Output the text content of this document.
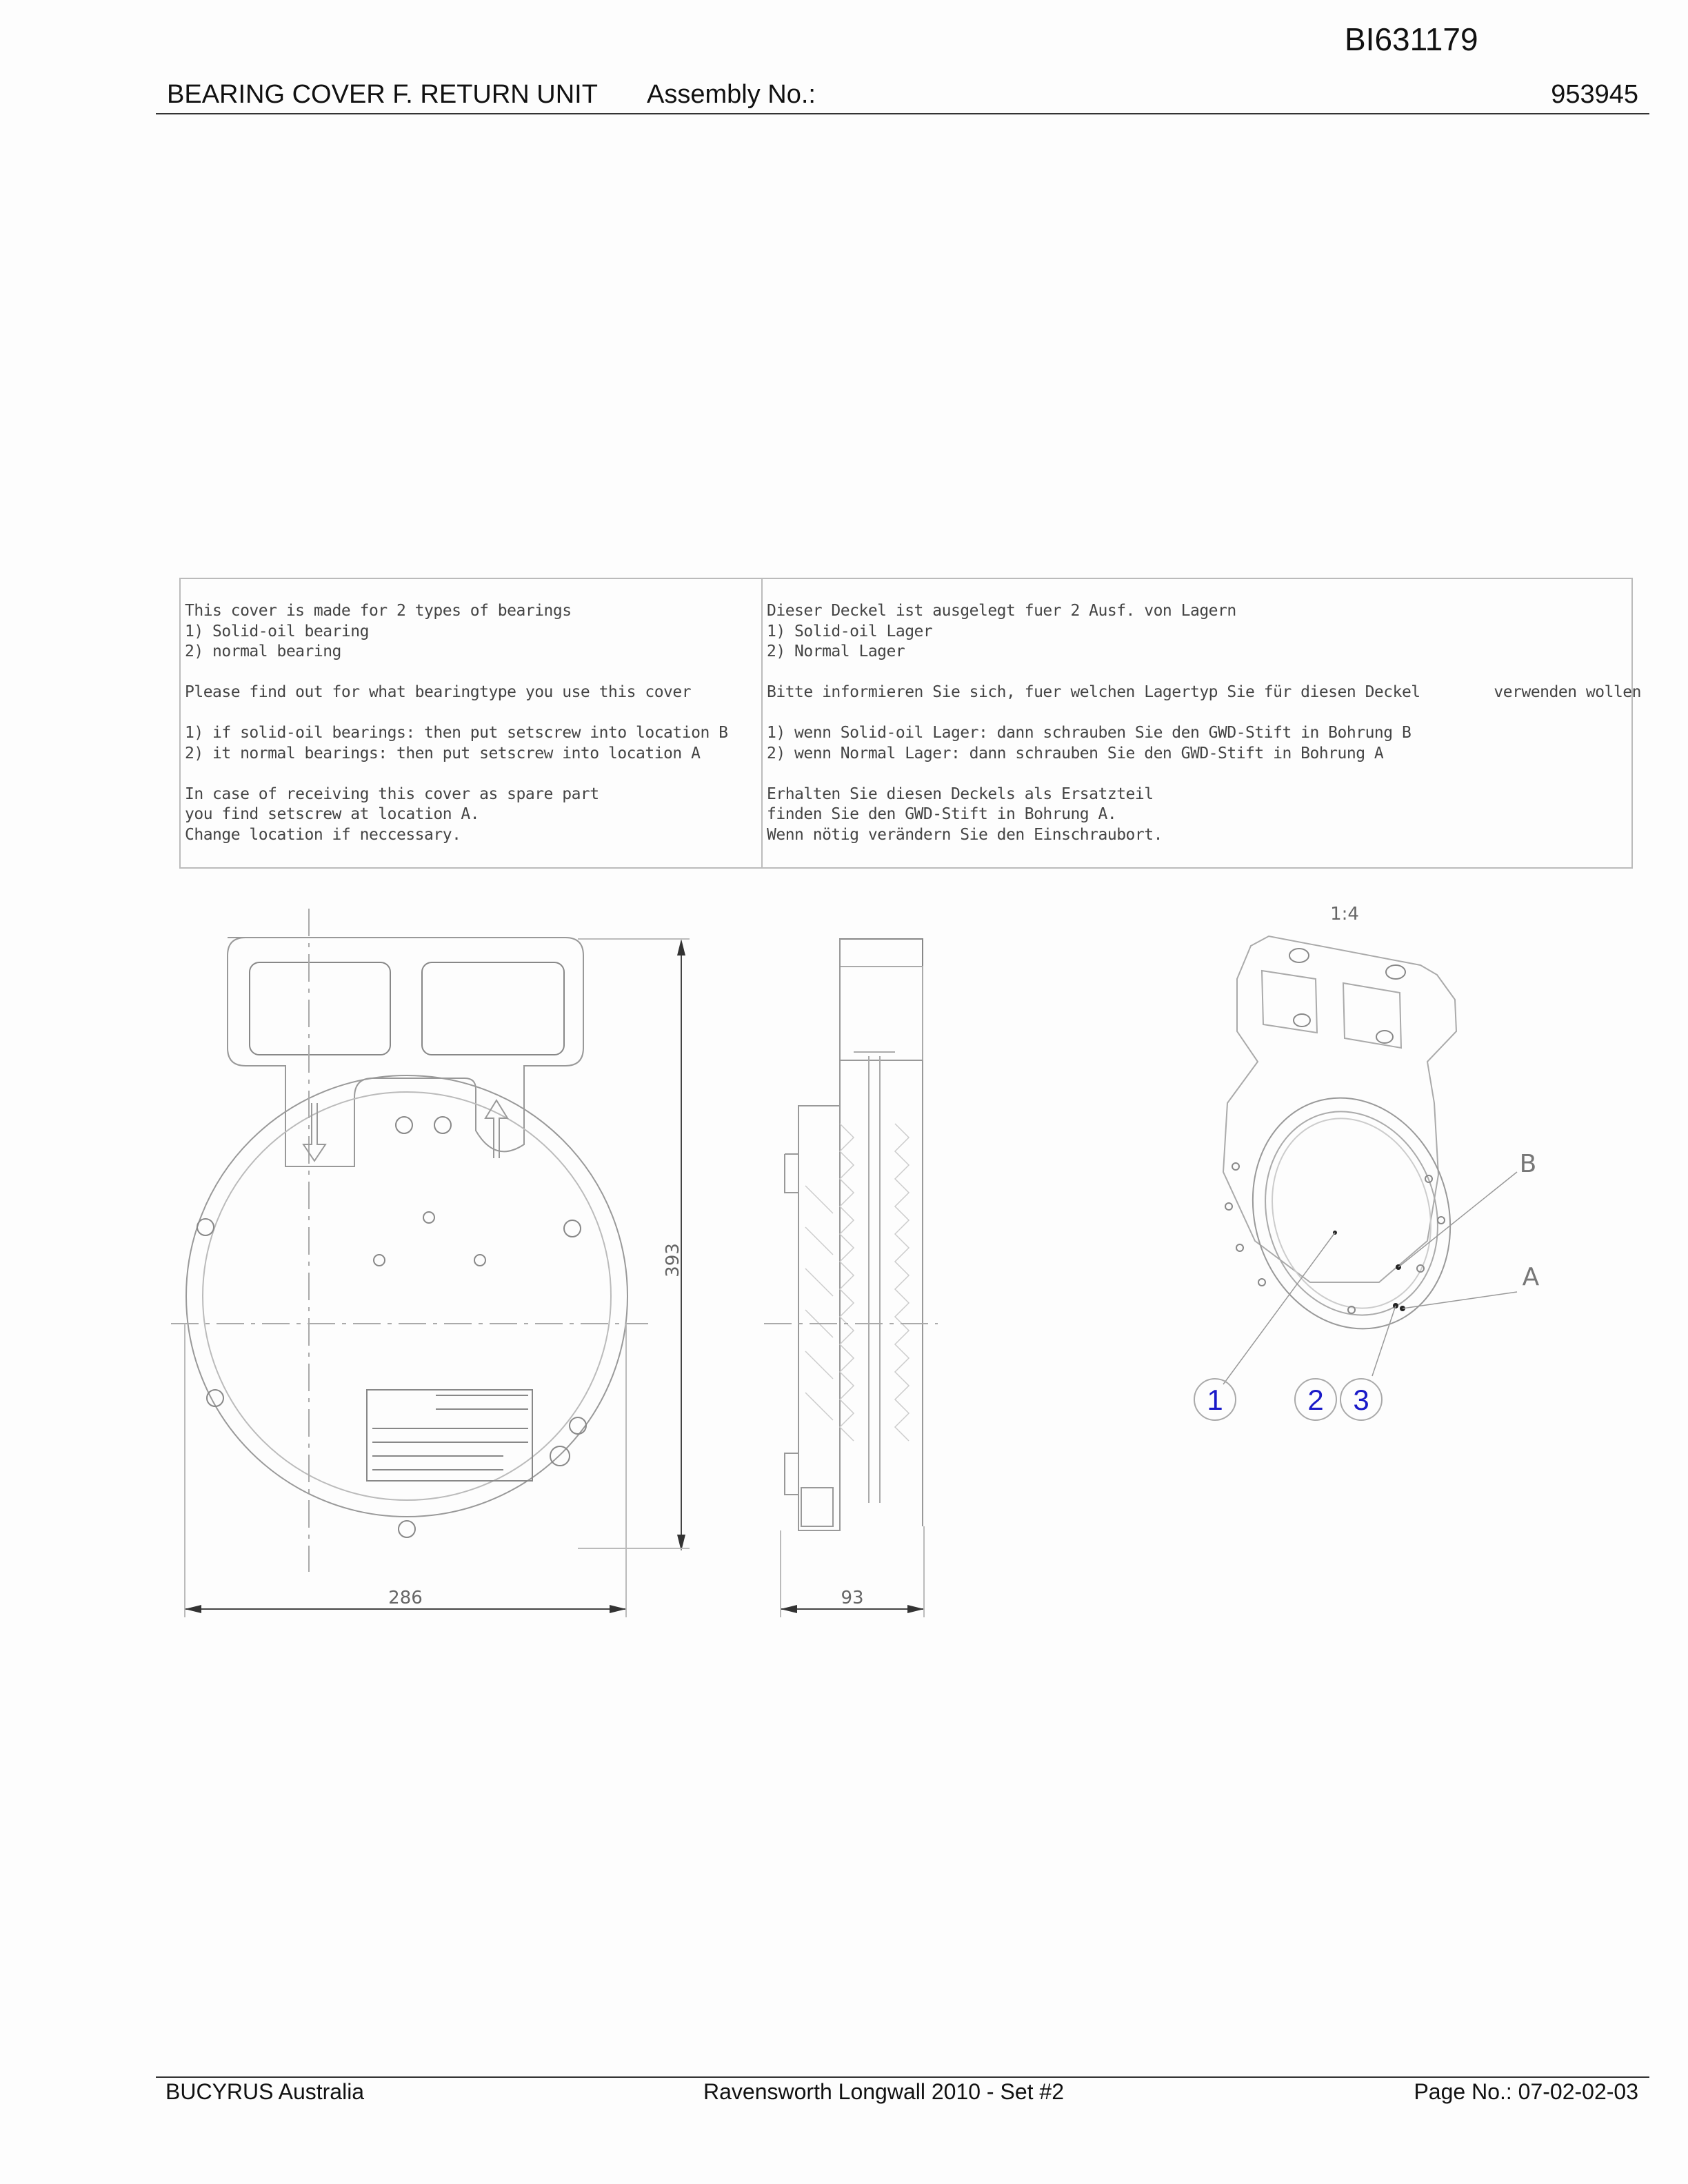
BI631179
BEARING COVER F. RETURN UNIT Assembly No.:	953945
This cover is made for 2 types of bearings
1) Solid-oil bearing
2) normal bearing

Please find out for what bearingtype you use this cover

1) if solid-oil bearings: then put setscrew into location B
2) it normal bearings: then put setscrew into location A

In case of receiving this cover as spare part
you find setscrew at location A.
Change location if neccessary.
Dieser Deckel ist ausgelegt fuer 2 Ausf. von Lagern
1) Solid-oil Lager
2) Normal Lager

Bitte informieren Sie sich, fuer welchen Lagertyp Sie für diesen Deckel        verwenden wollen

1) wenn Solid-oil Lager: dann schrauben Sie den GWD-Stift in Bohrung B
2) wenn Normal Lager: dann schrauben Sie den GWD-Stift in Bohrung A

Erhalten Sie diesen Deckels als Ersatzteil
finden Sie den GWD-Stift in Bohrung A.
Wenn nötig verändern Sie den Einschraubort.
393
286	93
1:4
B
A
1	2 3
BUCYRUS Australia	Ravensworth Longwall 2010 - Set #2	Page No.: 07-02-02-03
